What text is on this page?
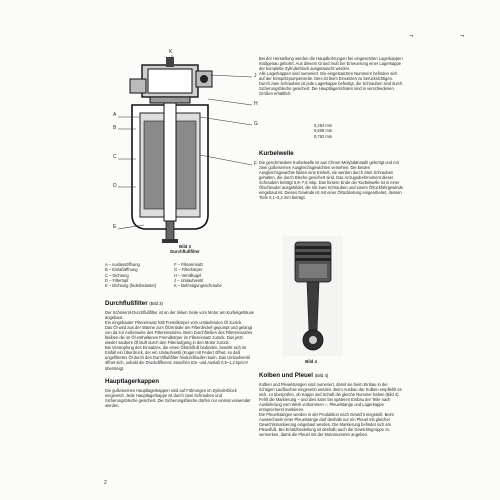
¬	¬
K
J
A
H
B
G
C
F
D
E
Bild 3
Durchflußfilter
A – Auslassöffnung	F – Filtereinsatz
B – Einlaßöffnung	G – Filterkörper
C – Dichtung	H – Ventilkugel
D – Filtertopf	J – Umlaufventil
E – Dichtung (federbelastet)	K – Befestigungsschraube
Durchflußfilter (Bild 3)

Der Schmieröl-Durchflußfilter ist an der linken Seite vom Motor am Kurbelgehäuse angebaut.

Ein eingebauter Filtereinsatz hält Fremdkörper vom umlaufenden Öl zurück.

Das Öl wird aus der Wanne zum Ölzentrale am Filterdeckel gepumpt und gelangt von da zur Außenseite des Filtereinsatzes. Beim Durchfließen des Filtereinsatzes bleiben die im Öl enthaltenen Fremdkörper im Filtereinsatz zurück. Das jetzt wieder saubere Öl läuft durch den Filteraufgang in den Motor zurück.

Bei Verstopfung des Einsatzes, die einen Ölrückfluß bedinden, bewirkt sich im Einfall ein Überdruck, der ein Umlaufventil (Kugel mit Feder) öffnet, so daß ungefiltertes Öl durch den Durchflußfilter hindurchlaufen kann. Das Umlaufventil öffnet sich, sobald die Druckdifferenz zwischen Ein- und Auslaß 0,9–1,2 kp/cm² übersteigt.

Hauptlagerkappen

Die gußeisernen Hauptlagerkappen sind auf Führungen im Zylinderblock eingesetzt. Jede Hauptlagerkappe ist durch zwei Schrauben und Sicherungsbleche gesichert. Die Sicherungsbleche dürfen nur einmal verwendet werden.

2

Bei der Herstellung werden die Hauptbohrungen bei eingesetzten Lagerkappen maßgenau gebohrt. Aus diesem Grund muß bei Erneuerung einer Lagerkappe der komplette Zylinderblock ausgetauscht werden.

Alle Lagerkappen sind numeriert. Die eingestanzten Nummern befinden sich auf der Einspritzpumpenseite. Dies ist beim Einsetzen zu berücksichtigen. Durch zwei Schrauben ist jede Lagerkappe befestigt, die Schrauben sind durch Sicherungsbleche gesichert. Die Hauptlagerschalen sind in verschiedenen Größen erhältlich:

0,254 mm
0,508 mm
0,762 mm
Kurbelwelle

Die geschmiedete Kurbelwelle ist aus Chrom-Molybdänstahl gefertigt und mit zwei gußeisernen Ausgleichsgewichten versehen. Die beiden Ausgleichsgewichte bilden eine Einheit, sie werden durch zwei Schrauben gehalten, die durch Bleche gesichert sind. Das Anzugsdrehmoment dieser Schrauben beträgt 6,9–7,6 mkp. Das hintere Ende der Kurbelwelle ist in einer Ölschleuder ausgebildet, die mit zwei Schrauben und einem Ölrückführgewinde eingebaut ist. Dieses Gewinde ist mit einer Ölrückleitung eingearbeitet, dessen Tiefe 0,1–0,2 mm beträgt.

Bild 4
Kolben und Pleuel (Bild 4)

Kolben und Pleuelstangen sind numeriert, damit sie beim Einbau in der richtigen Laufbuchse eingesetzt werden. Beim Ausbau der Kolben empfiehlt es sich, zu überprüfen, ob Kappe und Schaft die gleiche Nummer haben (Bild 4). Fehlt die Markierung – und dies kann bei späteren Einbau der Teile nach Auslieferung vom Werk vorkommen –, Pleuelstange und Lagerkappe entsprechend markieren.

Die Pleuelstangen werden in der Produktion nach Gewicht eingeteilt. Beim Auswechseln einer Pleuelstange darf deshalb nur ein Pleuel mit gleicher Gewichtsmarkierung eingebaut werden. Die Markierung befindet sich am Pleuelfuß. Bei Ersatzbestellung ist deshalb auch die Gewichtsgruppe zu vermerken, damit die Pleuel mit der Motornummer angeben.
